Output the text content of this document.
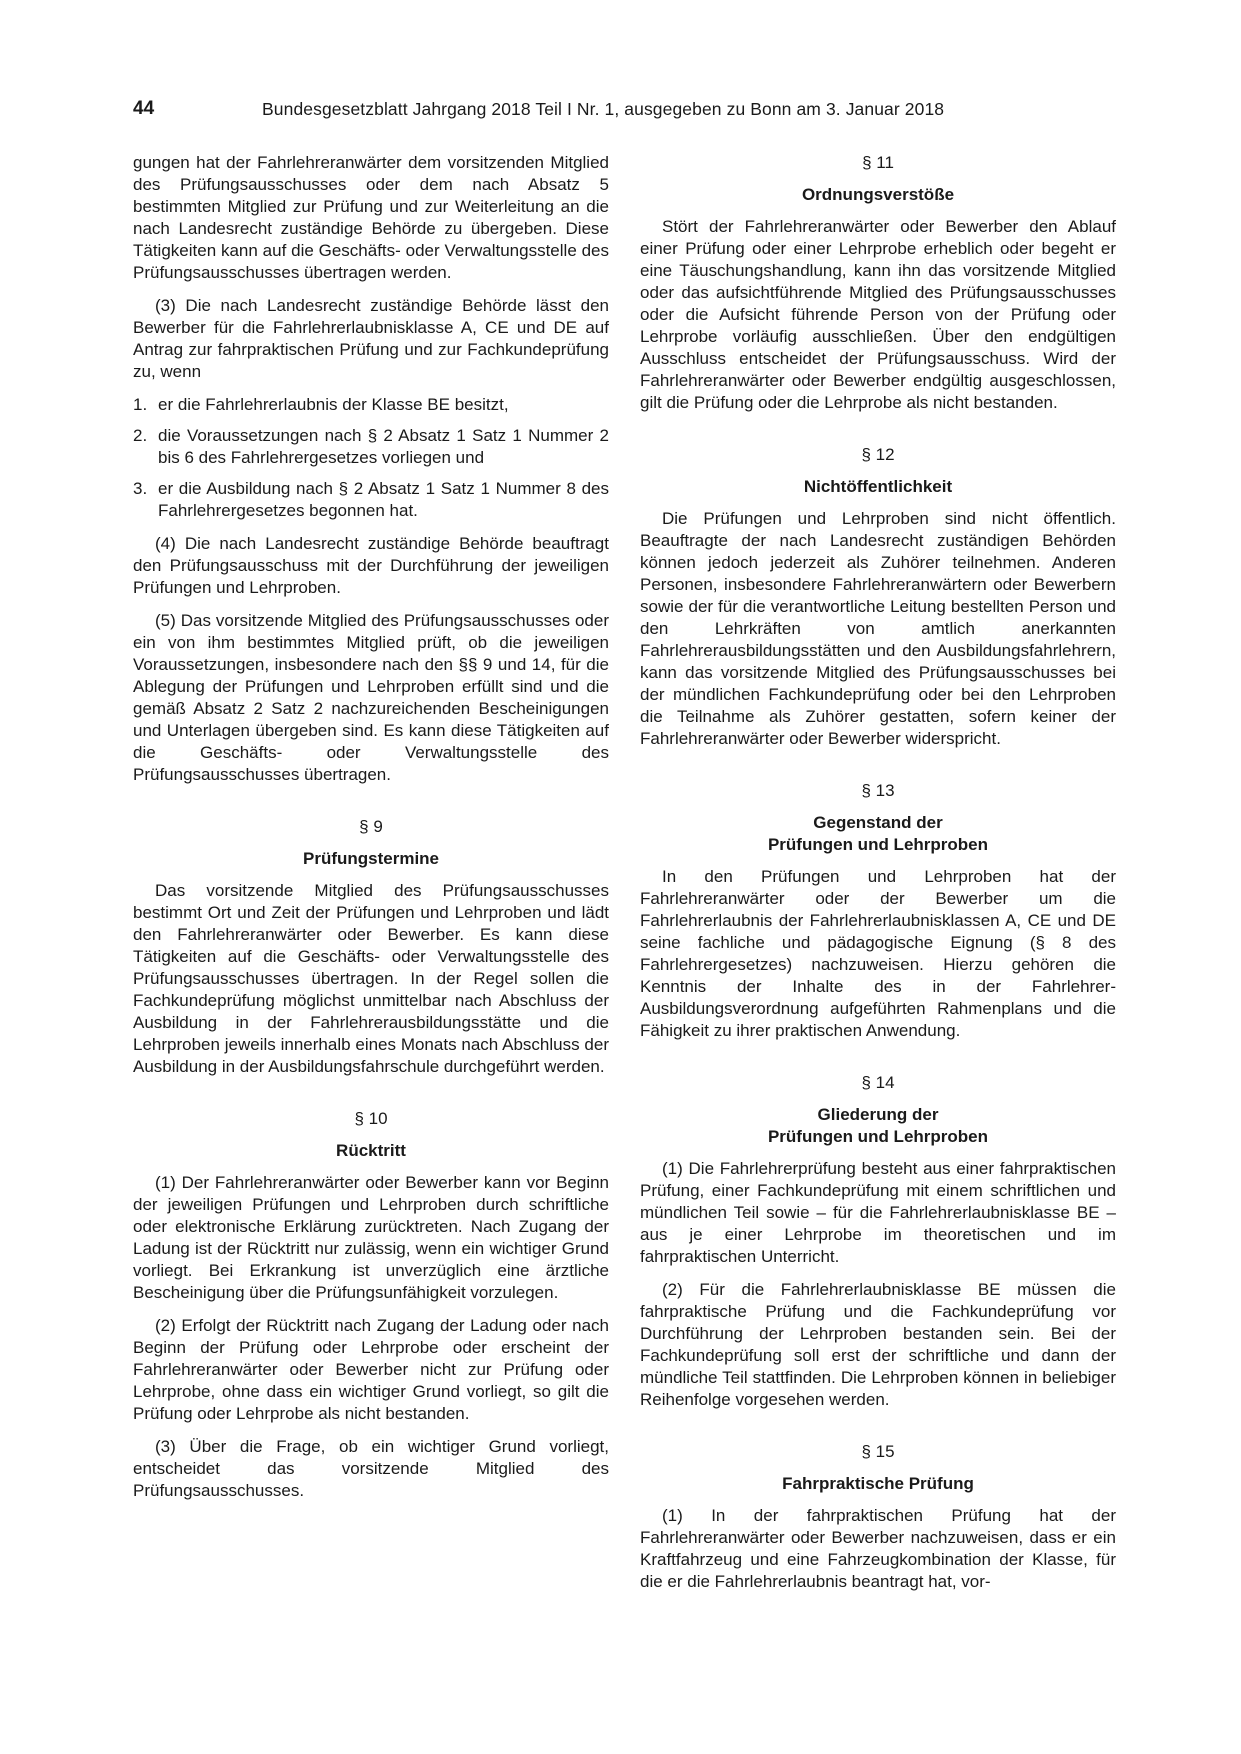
44	Bundesgesetzblatt Jahrgang 2018 Teil I Nr. 1, ausgegeben zu Bonn am 3. Januar 2018

gungen hat der Fahrlehreranwärter dem vorsitzenden Mitglied des Prüfungsausschusses oder dem nach Absatz 5 bestimmten Mitglied zur Prüfung und zur Weiterleitung an die nach Landesrecht zuständige Behörde zu übergeben. Diese Tätigkeiten kann auf die Geschäfts- oder Verwaltungsstelle des Prüfungsausschusses übertragen werden.

(3) Die nach Landesrecht zuständige Behörde lässt den Bewerber für die Fahrlehrerlaubnisklasse A, CE und DE auf Antrag zur fahrpraktischen Prüfung und zur Fachkundeprüfung zu, wenn

1. er die Fahrlehrerlaubnis der Klasse BE besitzt,
2. die Voraussetzungen nach § 2 Absatz 1 Satz 1 Nummer 2 bis 6 des Fahrlehrergesetzes vorliegen und
3. er die Ausbildung nach § 2 Absatz 1 Satz 1 Nummer 8 des Fahrlehrergesetzes begonnen hat.

(4) Die nach Landesrecht zuständige Behörde beauftragt den Prüfungsausschuss mit der Durchführung der jeweiligen Prüfungen und Lehrproben.

(5) Das vorsitzende Mitglied des Prüfungsausschusses oder ein von ihm bestimmtes Mitglied prüft, ob die jeweiligen Voraussetzungen, insbesondere nach den §§ 9 und 14, für die Ablegung der Prüfungen und Lehrproben erfüllt sind und die gemäß Absatz 2 Satz 2 nachzureichenden Bescheinigungen und Unterlagen übergeben sind. Es kann diese Tätigkeiten auf die Geschäfts- oder Verwaltungsstelle des Prüfungsausschusses übertragen.

§ 9
Prüfungstermine

Das vorsitzende Mitglied des Prüfungsausschusses bestimmt Ort und Zeit der Prüfungen und Lehrproben und lädt den Fahrlehreranwärter oder Bewerber. Es kann diese Tätigkeiten auf die Geschäfts- oder Verwaltungsstelle des Prüfungsausschusses übertragen. In der Regel sollen die Fachkundeprüfung möglichst unmittelbar nach Abschluss der Ausbildung in der Fahrlehrerausbildungsstätte und die Lehrproben jeweils innerhalb eines Monats nach Abschluss der Ausbildung in der Ausbildungsfahrschule durchgeführt werden.

§ 10
Rücktritt

(1) Der Fahrlehreranwärter oder Bewerber kann vor Beginn der jeweiligen Prüfungen und Lehrproben durch schriftliche oder elektronische Erklärung zurücktreten. Nach Zugang der Ladung ist der Rücktritt nur zulässig, wenn ein wichtiger Grund vorliegt. Bei Erkrankung ist unverzüglich eine ärztliche Bescheinigung über die Prüfungsunfähigkeit vorzulegen.

(2) Erfolgt der Rücktritt nach Zugang der Ladung oder nach Beginn der Prüfung oder Lehrprobe oder erscheint der Fahrlehreranwärter oder Bewerber nicht zur Prüfung oder Lehrprobe, ohne dass ein wichtiger Grund vorliegt, so gilt die Prüfung oder Lehrprobe als nicht bestanden.

(3) Über die Frage, ob ein wichtiger Grund vorliegt, entscheidet das vorsitzende Mitglied des Prüfungsausschusses.

§ 11
Ordnungsverstöße

Stört der Fahrlehreranwärter oder Bewerber den Ablauf einer Prüfung oder einer Lehrprobe erheblich oder begeht er eine Täuschungshandlung, kann ihn das vorsitzende Mitglied oder das aufsichtführende Mitglied des Prüfungsausschusses oder die Aufsicht führende Person von der Prüfung oder Lehrprobe vorläufig ausschließen. Über den endgültigen Ausschluss entscheidet der Prüfungsausschuss. Wird der Fahrlehreranwärter oder Bewerber endgültig ausgeschlossen, gilt die Prüfung oder die Lehrprobe als nicht bestanden.

§ 12
Nichtöffentlichkeit

Die Prüfungen und Lehrproben sind nicht öffentlich. Beauftragte der nach Landesrecht zuständigen Behörden können jedoch jederzeit als Zuhörer teilnehmen. Anderen Personen, insbesondere Fahrlehreranwärtern oder Bewerbern sowie der für die verantwortliche Leitung bestellten Person und den Lehrkräften von amtlich anerkannten Fahrlehrerausbildungsstätten und den Ausbildungsfahrlehrern, kann das vorsitzende Mitglied des Prüfungsausschusses bei der mündlichen Fachkundeprüfung oder bei den Lehrproben die Teilnahme als Zuhörer gestatten, sofern keiner der Fahrlehreranwärter oder Bewerber widerspricht.

§ 13
Gegenstand der
Prüfungen und Lehrproben

In den Prüfungen und Lehrproben hat der Fahrlehreranwärter oder der Bewerber um die Fahrlehrerlaubnis der Fahrlehrerlaubnisklassen A, CE und DE seine fachliche und pädagogische Eignung (§ 8 des Fahrlehrergesetzes) nachzuweisen. Hierzu gehören die Kenntnis der Inhalte des in der Fahrlehrer-Ausbildungsverordnung aufgeführten Rahmenplans und die Fähigkeit zu ihrer praktischen Anwendung.

§ 14
Gliederung der
Prüfungen und Lehrproben

(1) Die Fahrlehrerprüfung besteht aus einer fahrpraktischen Prüfung, einer Fachkundeprüfung mit einem schriftlichen und mündlichen Teil sowie – für die Fahrlehrerlaubnisklasse BE – aus je einer Lehrprobe im theoretischen und im fahrpraktischen Unterricht.

(2) Für die Fahrlehrerlaubnisklasse BE müssen die fahrpraktische Prüfung und die Fachkundeprüfung vor Durchführung der Lehrproben bestanden sein. Bei der Fachkundeprüfung soll erst der schriftliche und dann der mündliche Teil stattfinden. Die Lehrproben können in beliebiger Reihenfolge vorgesehen werden.

§ 15
Fahrpraktische Prüfung

(1) In der fahrpraktischen Prüfung hat der Fahrlehreranwärter oder Bewerber nachzuweisen, dass er ein Kraftfahrzeug und eine Fahrzeugkombination der Klasse, für die er die Fahrlehrerlaubnis beantragt hat, vor-
